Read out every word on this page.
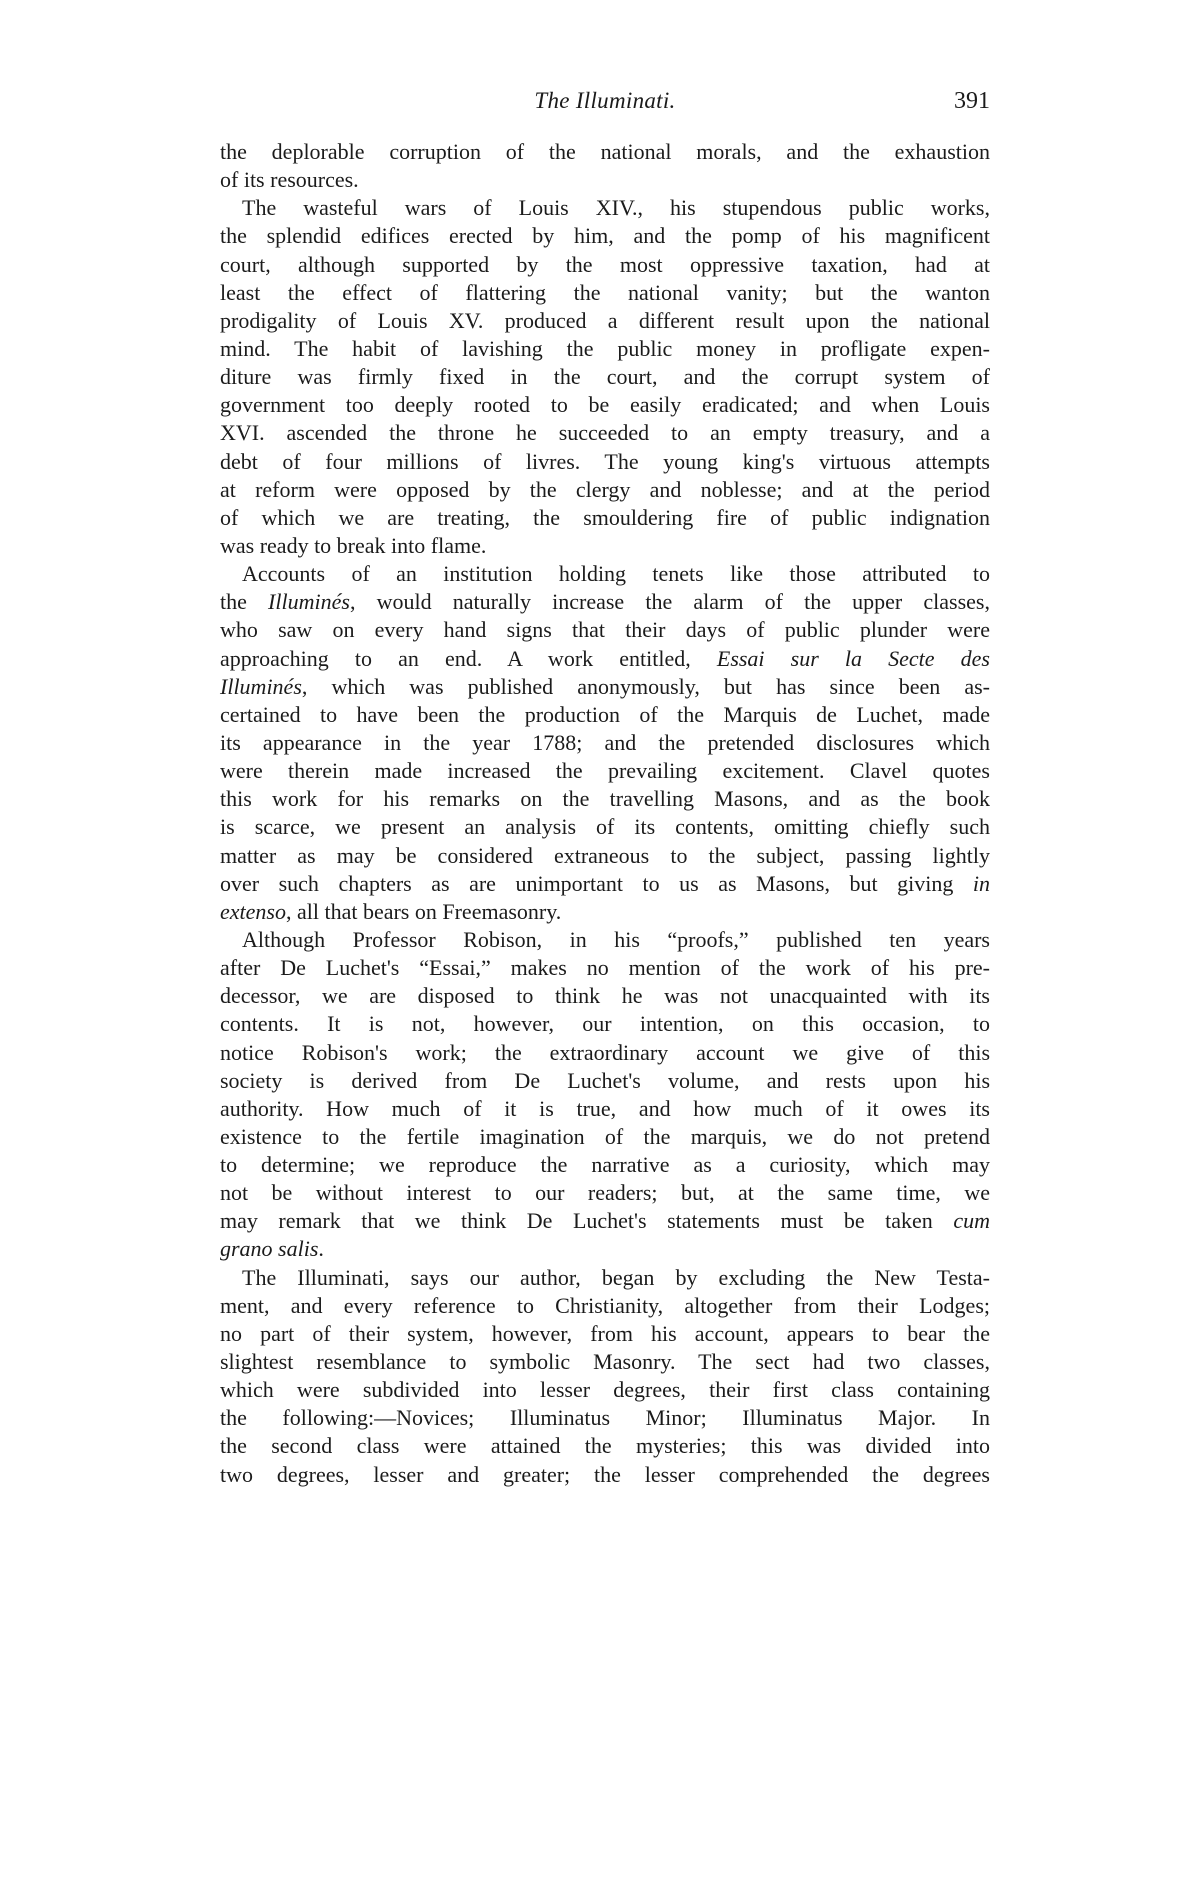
The Illuminati.	391
the deplorable corruption of the national morals, and the exhaustion
of its resources.
The wasteful wars of Louis XIV., his stupendous public works,
the splendid edifices erected by him, and the pomp of his magnificent
court, although supported by the most oppressive taxation, had at
least the effect of flattering the national vanity; but the wanton
prodigality of Louis XV. produced a different result upon the national
mind. The habit of lavishing the public money in profligate expen-
diture was firmly fixed in the court, and the corrupt system of
government too deeply rooted to be easily eradicated; and when Louis
XVI. ascended the throne he succeeded to an empty treasury, and a
debt of four millions of livres. The young king's virtuous attempts
at reform were opposed by the clergy and noblesse; and at the period
of which we are treating, the smouldering fire of public indignation
was ready to break into flame.
Accounts of an institution holding tenets like those attributed to
the Illuminés, would naturally increase the alarm of the upper classes,
who saw on every hand signs that their days of public plunder were
approaching to an end. A work entitled, Essai sur la Secte des
Illuminés, which was published anonymously, but has since been as-
certained to have been the production of the Marquis de Luchet, made
its appearance in the year 1788; and the pretended disclosures which
were therein made increased the prevailing excitement. Clavel quotes
this work for his remarks on the travelling Masons, and as the book
is scarce, we present an analysis of its contents, omitting chiefly such
matter as may be considered extraneous to the subject, passing lightly
over such chapters as are unimportant to us as Masons, but giving in
extenso, all that bears on Freemasonry.
Although Professor Robison, in his “proofs,” published ten years
after De Luchet's “Essai,” makes no mention of the work of his pre-
decessor, we are disposed to think he was not unacquainted with its
contents. It is not, however, our intention, on this occasion, to
notice Robison's work; the extraordinary account we give of this
society is derived from De Luchet's volume, and rests upon his
authority. How much of it is true, and how much of it owes its
existence to the fertile imagination of the marquis, we do not pretend
to determine; we reproduce the narrative as a curiosity, which may
not be without interest to our readers; but, at the same time, we
may remark that we think De Luchet's statements must be taken cum
grano salis.
The Illuminati, says our author, began by excluding the New Testa-
ment, and every reference to Christianity, altogether from their Lodges;
no part of their system, however, from his account, appears to bear the
slightest resemblance to symbolic Masonry. The sect had two classes,
which were subdivided into lesser degrees, their first class containing
the following:—Novices; Illuminatus Minor; Illuminatus Major. In
the second class were attained the mysteries; this was divided into
two degrees, lesser and greater; the lesser comprehended the degrees
